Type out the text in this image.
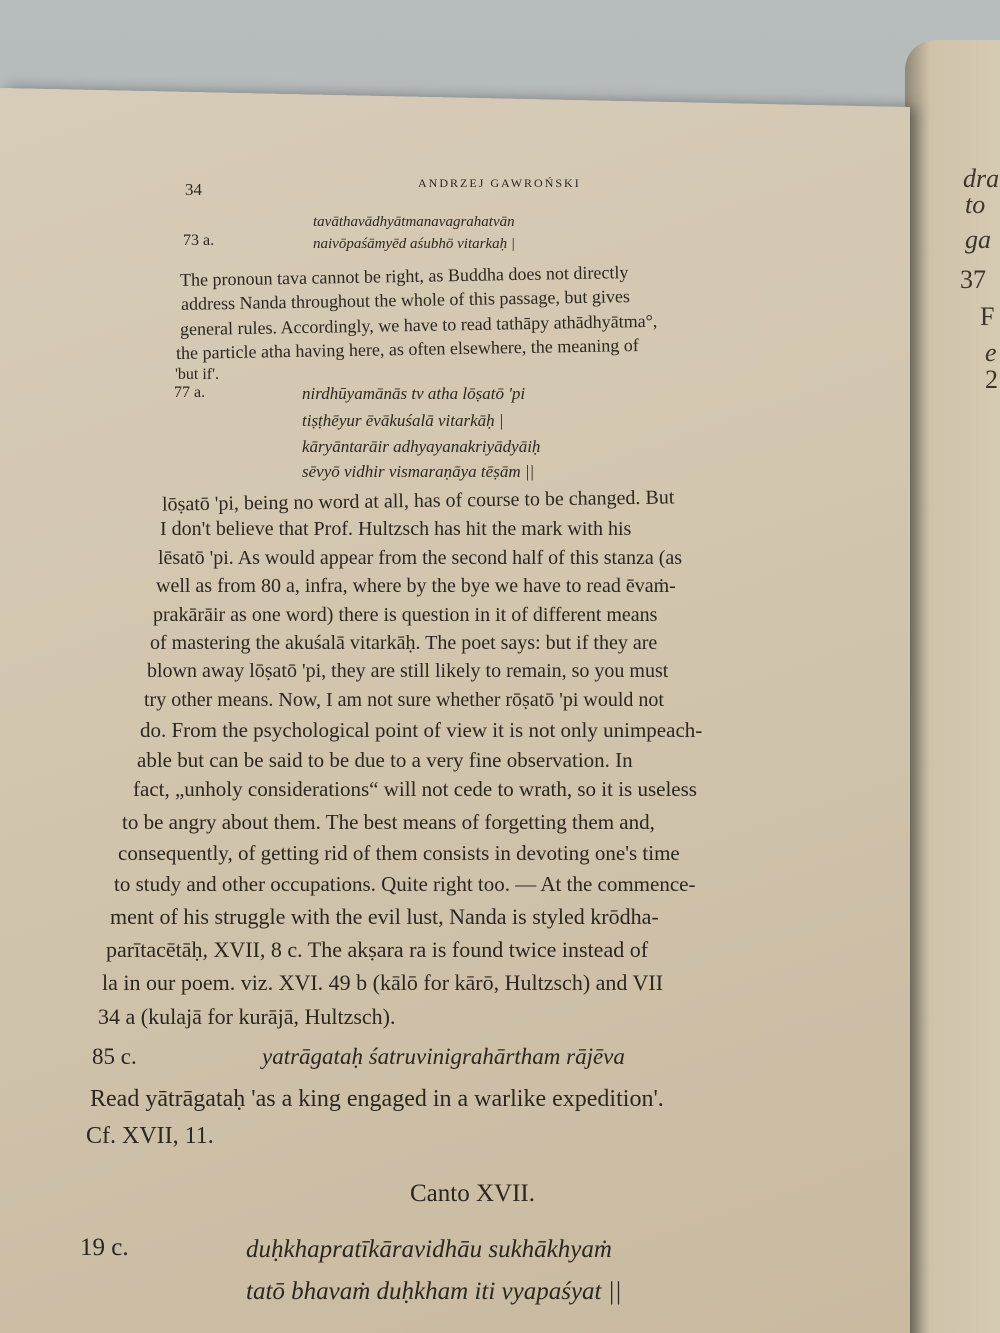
dra
to
ga
37
F
e
2
34	ANDRZEJ GAWROŃSKI
73 a.
tavāthavādhyātmanavagrahatvān
naivōpaśāmyēd aśubhō vitarkaḥ |
The pronoun tava cannot be right, as Buddha does not directly
address Nanda throughout the whole of this passage, but gives
general rules. Accordingly, we have to read tathāpy athādhyātma°,
the particle atha having here, as often elsewhere, the meaning of
'but if'.
77 a.	nirdhūyamānās tv atha lōṣatō 'pi
tiṣṭhēyur ēvākuśalā vitarkāḥ |
kāryāntarāir adhyayanakriyādyāiḥ
sēvyō vidhir vismaraṇāya tēṣām ||
lōṣatō 'pi, being no word at all, has of course to be changed. But
I don't believe that Prof. Hultzsch has hit the mark with his
lēsatō 'pi. As would appear from the second half of this stanza (as
well as from 80 a, infra, where by the bye we have to read ēvaṁ-
prakārāir as one word) there is question in it of different means
of mastering the akuśalā vitarkāḥ. The poet says: but if they are
blown away lōṣatō 'pi, they are still likely to remain, so you must
try other means. Now, I am not sure whether rōṣatō 'pi would not
do. From the psychological point of view it is not only unimpeach-
able but can be said to be due to a very fine observation. In
fact, „unholy considerations“ will not cede to wrath, so it is useless
to be angry about them. The best means of forgetting them and,
consequently, of getting rid of them consists in devoting one's time
to study and other occupations. Quite right too. — At the commence-
ment of his struggle with the evil lust, Nanda is styled krōdha-
parītacētāḥ, XVII, 8 c. The akṣara ra is found twice instead of
la in our poem. viz. XVI. 49 b (kālō for kārō, Hultzsch) and VII
34 a (kulajā for kurājā, Hultzsch).
85 c.	yatrāgataḥ śatruvinigrahārtham rājēva
Read yātrāgataḥ 'as a king engaged in a warlike expedition'.
Cf. XVII, 11.
Canto XVII.
19 c.	duḥkhapratīkāravidhāu sukhākhyaṁ
tatō bhavaṁ duḥkham iti vyapaśyat ||
